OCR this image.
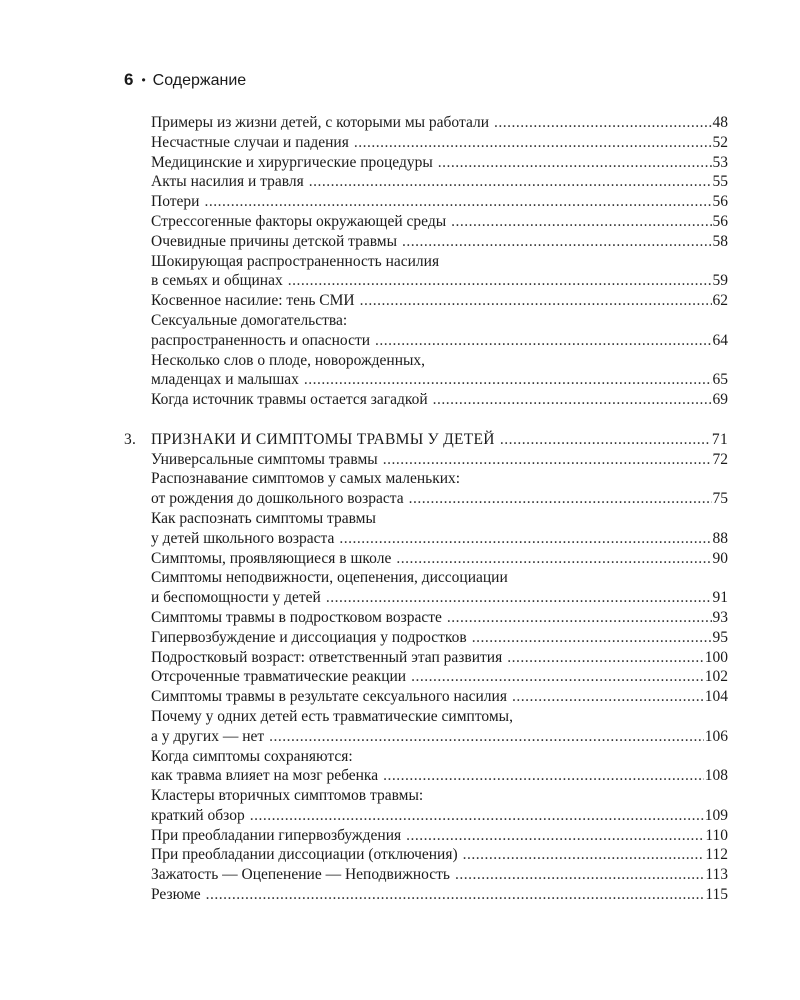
6 • Содержание
Примеры из жизни детей, с которыми мы работали .....	48
Несчастные случаи и падения .....	52
Медицинские и хирургические процедуры .....	53
Акты насилия и травля .....	55
Потери .....	56
Стрессогенные факторы окружающей среды .....	56
Очевидные причины детской травмы .....	58
Шокирующая распространенность насилия
в семьях и общинах .....	59
Косвенное насилие: тень СМИ .....	62
Сексуальные домогательства:
распространенность и опасности .....	64
Несколько слов о плоде, новорожденных,
младенцах и малышах .....	65
Когда источник травмы остается загадкой .....	69
3. ПРИЗНАКИ И СИМПТОМЫ ТРАВМЫ У ДЕТЕЙ .....	71
Универсальные симптомы травмы .....	72
Распознавание симптомов у самых маленьких:
от рождения до дошкольного возраста .....	75
Как распознать симптомы травмы
у детей школьного возраста .....	88
Симптомы, проявляющиеся в школе .....	90
Симптомы неподвижности, оцепенения, диссоциации
и беспомощности у детей .....	91
Симптомы травмы в подростковом возрасте .....	93
Гипервозбуждение и диссоциация у подростков .....	95
Подростковый возраст: ответственный этап развития .....	100
Отсроченные травматические реакции .....	102
Симптомы травмы в результате сексуального насилия .....	104
Почему у одних детей есть травматические симптомы,
а у других — нет .....	106
Когда симптомы сохраняются:
как травма влияет на мозг ребенка .....	108
Кластеры вторичных симптомов травмы:
краткий обзор .....	109
При преобладании гипервозбуждения .....	110
При преобладании диссоциации (отключения) .....	112
Зажатость — Оцепенение — Неподвижность .....	113
Резюме .....	115
